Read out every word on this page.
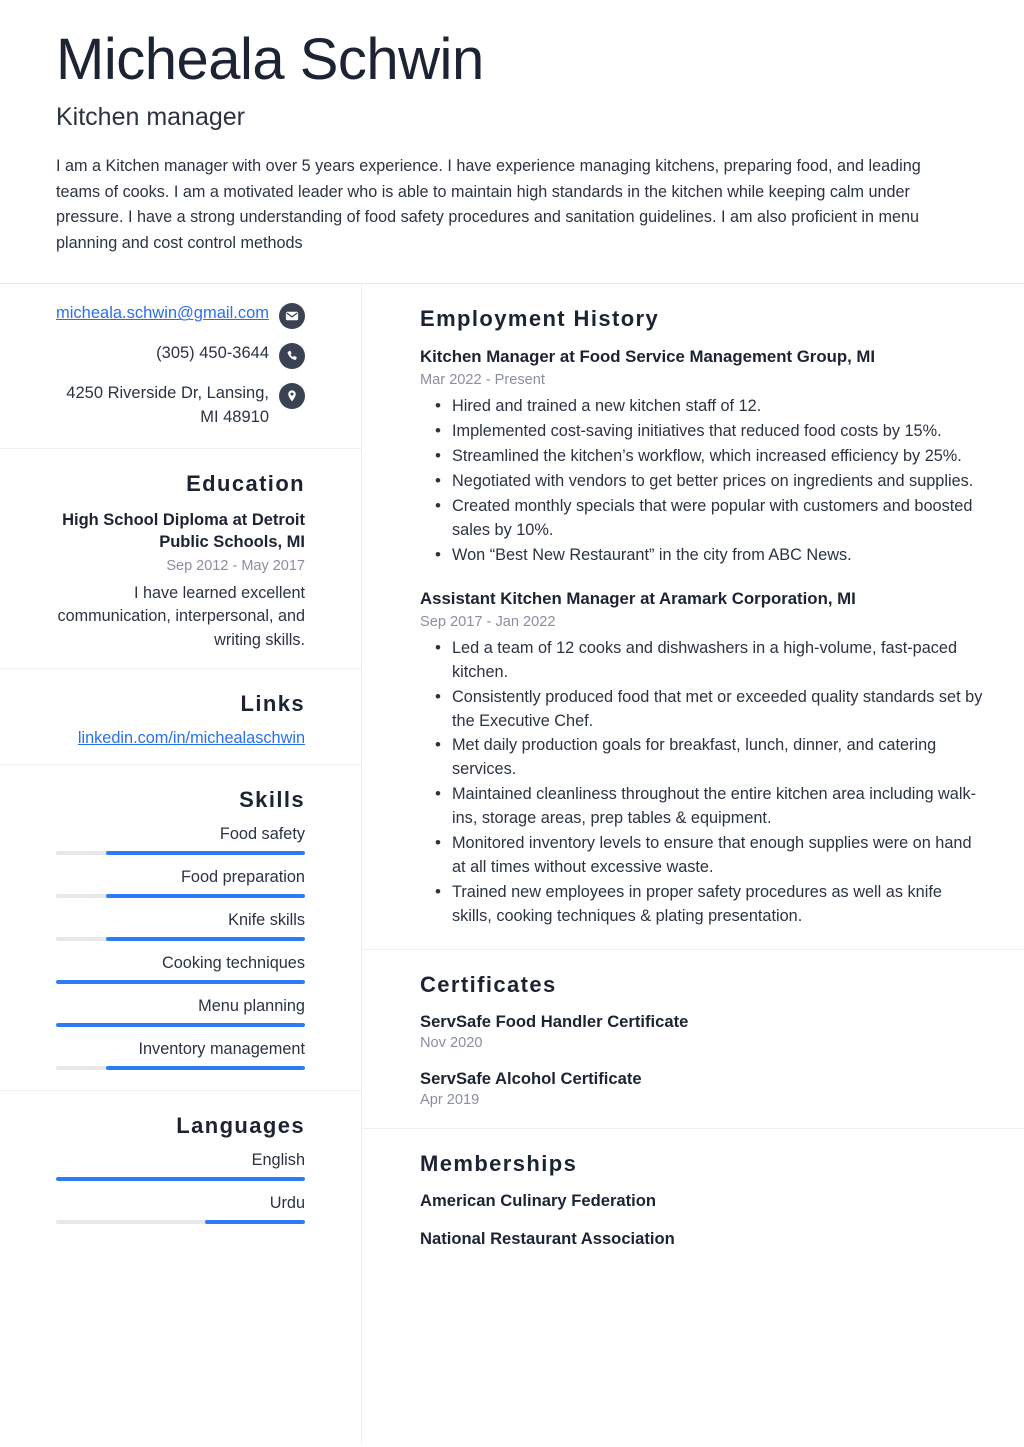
Micheala Schwin
Kitchen manager

I am a Kitchen manager with over 5 years experience. I have experience managing kitchens, preparing food, and leading teams of cooks. I am a motivated leader who is able to maintain high standards in the kitchen while keeping calm under pressure. I have a strong understanding of food safety procedures and sanitation guidelines. I am also proficient in menu planning and cost control methods

micheala.schwin@gmail.com
(305) 450-3644
4250 Riverside Dr, Lansing, MI 48910
Education
High School Diploma at Detroit Public Schools, MI
Sep 2012 - May 2017
I have learned excellent communication, interpersonal, and writing skills.
Links
linkedin.com/in/michealaschwin
Skills
Food safety
Food preparation
Knife skills
Cooking techniques
Menu planning
Inventory management
Languages
English
Urdu
Employment History
Kitchen Manager at Food Service Management Group, MI
Mar 2022 - Present
• Hired and trained a new kitchen staff of 12.
• Implemented cost-saving initiatives that reduced food costs by 15%.
• Streamlined the kitchen’s workflow, which increased efficiency by 25%.
• Negotiated with vendors to get better prices on ingredients and supplies.
• Created monthly specials that were popular with customers and boosted sales by 10%.
• Won “Best New Restaurant” in the city from ABC News.
Assistant Kitchen Manager at Aramark Corporation, MI
Sep 2017 - Jan 2022
• Led a team of 12 cooks and dishwashers in a high-volume, fast-paced kitchen.
• Consistently produced food that met or exceeded quality standards set by the Executive Chef.
• Met daily production goals for breakfast, lunch, dinner, and catering services.
• Maintained cleanliness throughout the entire kitchen area including walk-ins, storage areas, prep tables & equipment.
• Monitored inventory levels to ensure that enough supplies were on hand at all times without excessive waste.
• Trained new employees in proper safety procedures as well as knife skills, cooking techniques & plating presentation.
Certificates
ServSafe Food Handler Certificate
Nov 2020
ServSafe Alcohol Certificate
Apr 2019
Memberships
American Culinary Federation
National Restaurant Association
